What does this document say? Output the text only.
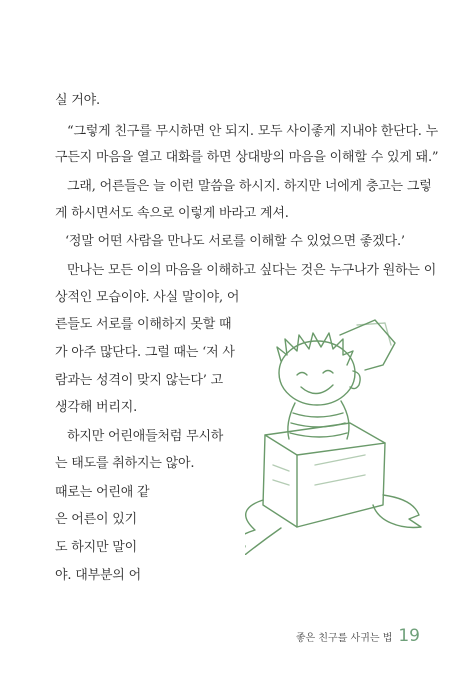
실 거야.
“그렇게 친구를 무시하면 안 되지. 모두 사이좋게 지내야 한단다. 누
구든지 마음을 열고 대화를 하면 상대방의 마음을 이해할 수 있게 돼.”
그래, 어른들은 늘 이런 말씀을 하시지. 하지만 너에게 충고는 그렇
게 하시면서도 속으로 이렇게 바라고 계셔.
‘정말 어떤 사람을 만나도 서로를 이해할 수 있었으면 좋겠다.’
만나는 모든 이의 마음을 이해하고 싶다는 것은 누구나가 원하는 이
상적인 모습이야. 사실 말이야, 어
른들도 서로를 이해하지 못할 때
가 아주 많단다. 그럴 때는 ‘저 사
람과는 성격이 맞지 않는다’ 고
생각해 버리지.
하지만 어린애들처럼 무시하
는 태도를 취하지는 않아.
때로는 어린애 같
은 어른이 있기
도 하지만 말이
야. 대부분의 어
좋은 친구를 사귀는 법 19
